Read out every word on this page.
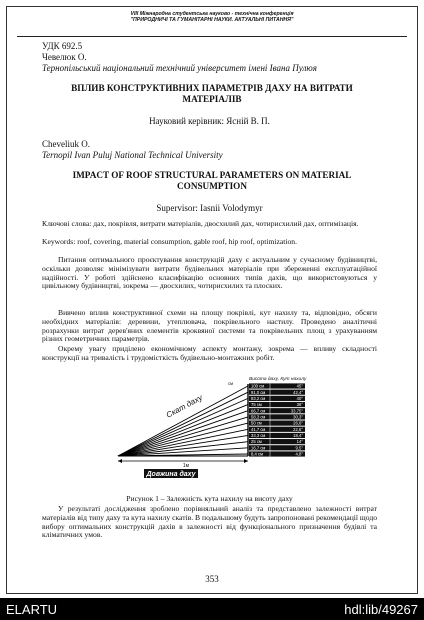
VIII Міжнародна студентська науково - технічна конференція
"ПРИРОДНИЧІ ТА ГУМАНІТАРНІ НАУКИ. АКТУАЛЬНІ ПИТАННЯ"
УДК 692.5
Чевелюк О.
Тернопільський національний технічний університет імені Івана Пулюя
ВПЛИВ КОНСТРУКТИВНИХ ПАРАМЕТРІВ ДАХУ НА ВИТРАТИ МАТЕРІАЛІВ
Науковий керівник: Ясній В. П.
Cheveliuk O.
Ternopil Ivan Puluj National Technical University
IMPACT OF ROOF STRUCTURAL PARAMETERS ON MATERIAL CONSUMPTION
Supervisor: Iasnii Volodymyr
Ключові слова: дах, покрівля, витрати матеріалів, двосхилий дах, чотирисхилий дах, оптимізація.
Keywords: roof, covering, material consumption, gable roof, hip roof, optimization.
Питання оптимального проєктування конструкцій даху є актуальним у сучасному будівництві, оскільки дозволяє мінімізувати витрати будівельних матеріалів при збереженні експлуатаційної надійності. У роботі здійснено класифікацію основних типів дахів, що використовуються у цивільному будівництві, зокрема — двосхилих, чотирисхилих та плоских.
Вивчено вплив конструктивної схеми на площу покрівлі, кут нахилу та, відповідно, обсяги необхідних матеріалів: деревини, утеплювача, покрівельного настилу. Проведено аналітичні розрахунки витрат дерев'яних елементів кроквяної системи та покрівельних площ з урахуванням різних геометричних параметрів.
Окрему увагу приділено економічному аспекту монтажу, зокрема — впливу складності конструкції на тривалість і трудомісткість будівельно-монтажних робіт.
Висота даху, Кут нахилу
см
100 см	45°
91,0 см	42,4°
83,2 см	40°
75 см	36°
66,7 см	33,75°
58,3 см	30,3°
50 см	26,6°
41,7 см	22,6°
33,3 см	18,4°
25 см	14°
16,7 см	9,5°
8,4 см	4,8°
Скат даху
1м
Довжина даху
Рисунок 1 – Залежність кута нахилу на висоту даху
У результаті дослідження зроблено порівняльний аналіз та представлено залежності витрат матеріалів від типу даху та кута нахилу скатів. В подальшому будуть запропоновані рекомендації щодо вибору оптимальних конструкцій дахів в залежності від функціонального призначення будівлі та кліматичних умов.
353
ELARTU	hdl:lib/49267
